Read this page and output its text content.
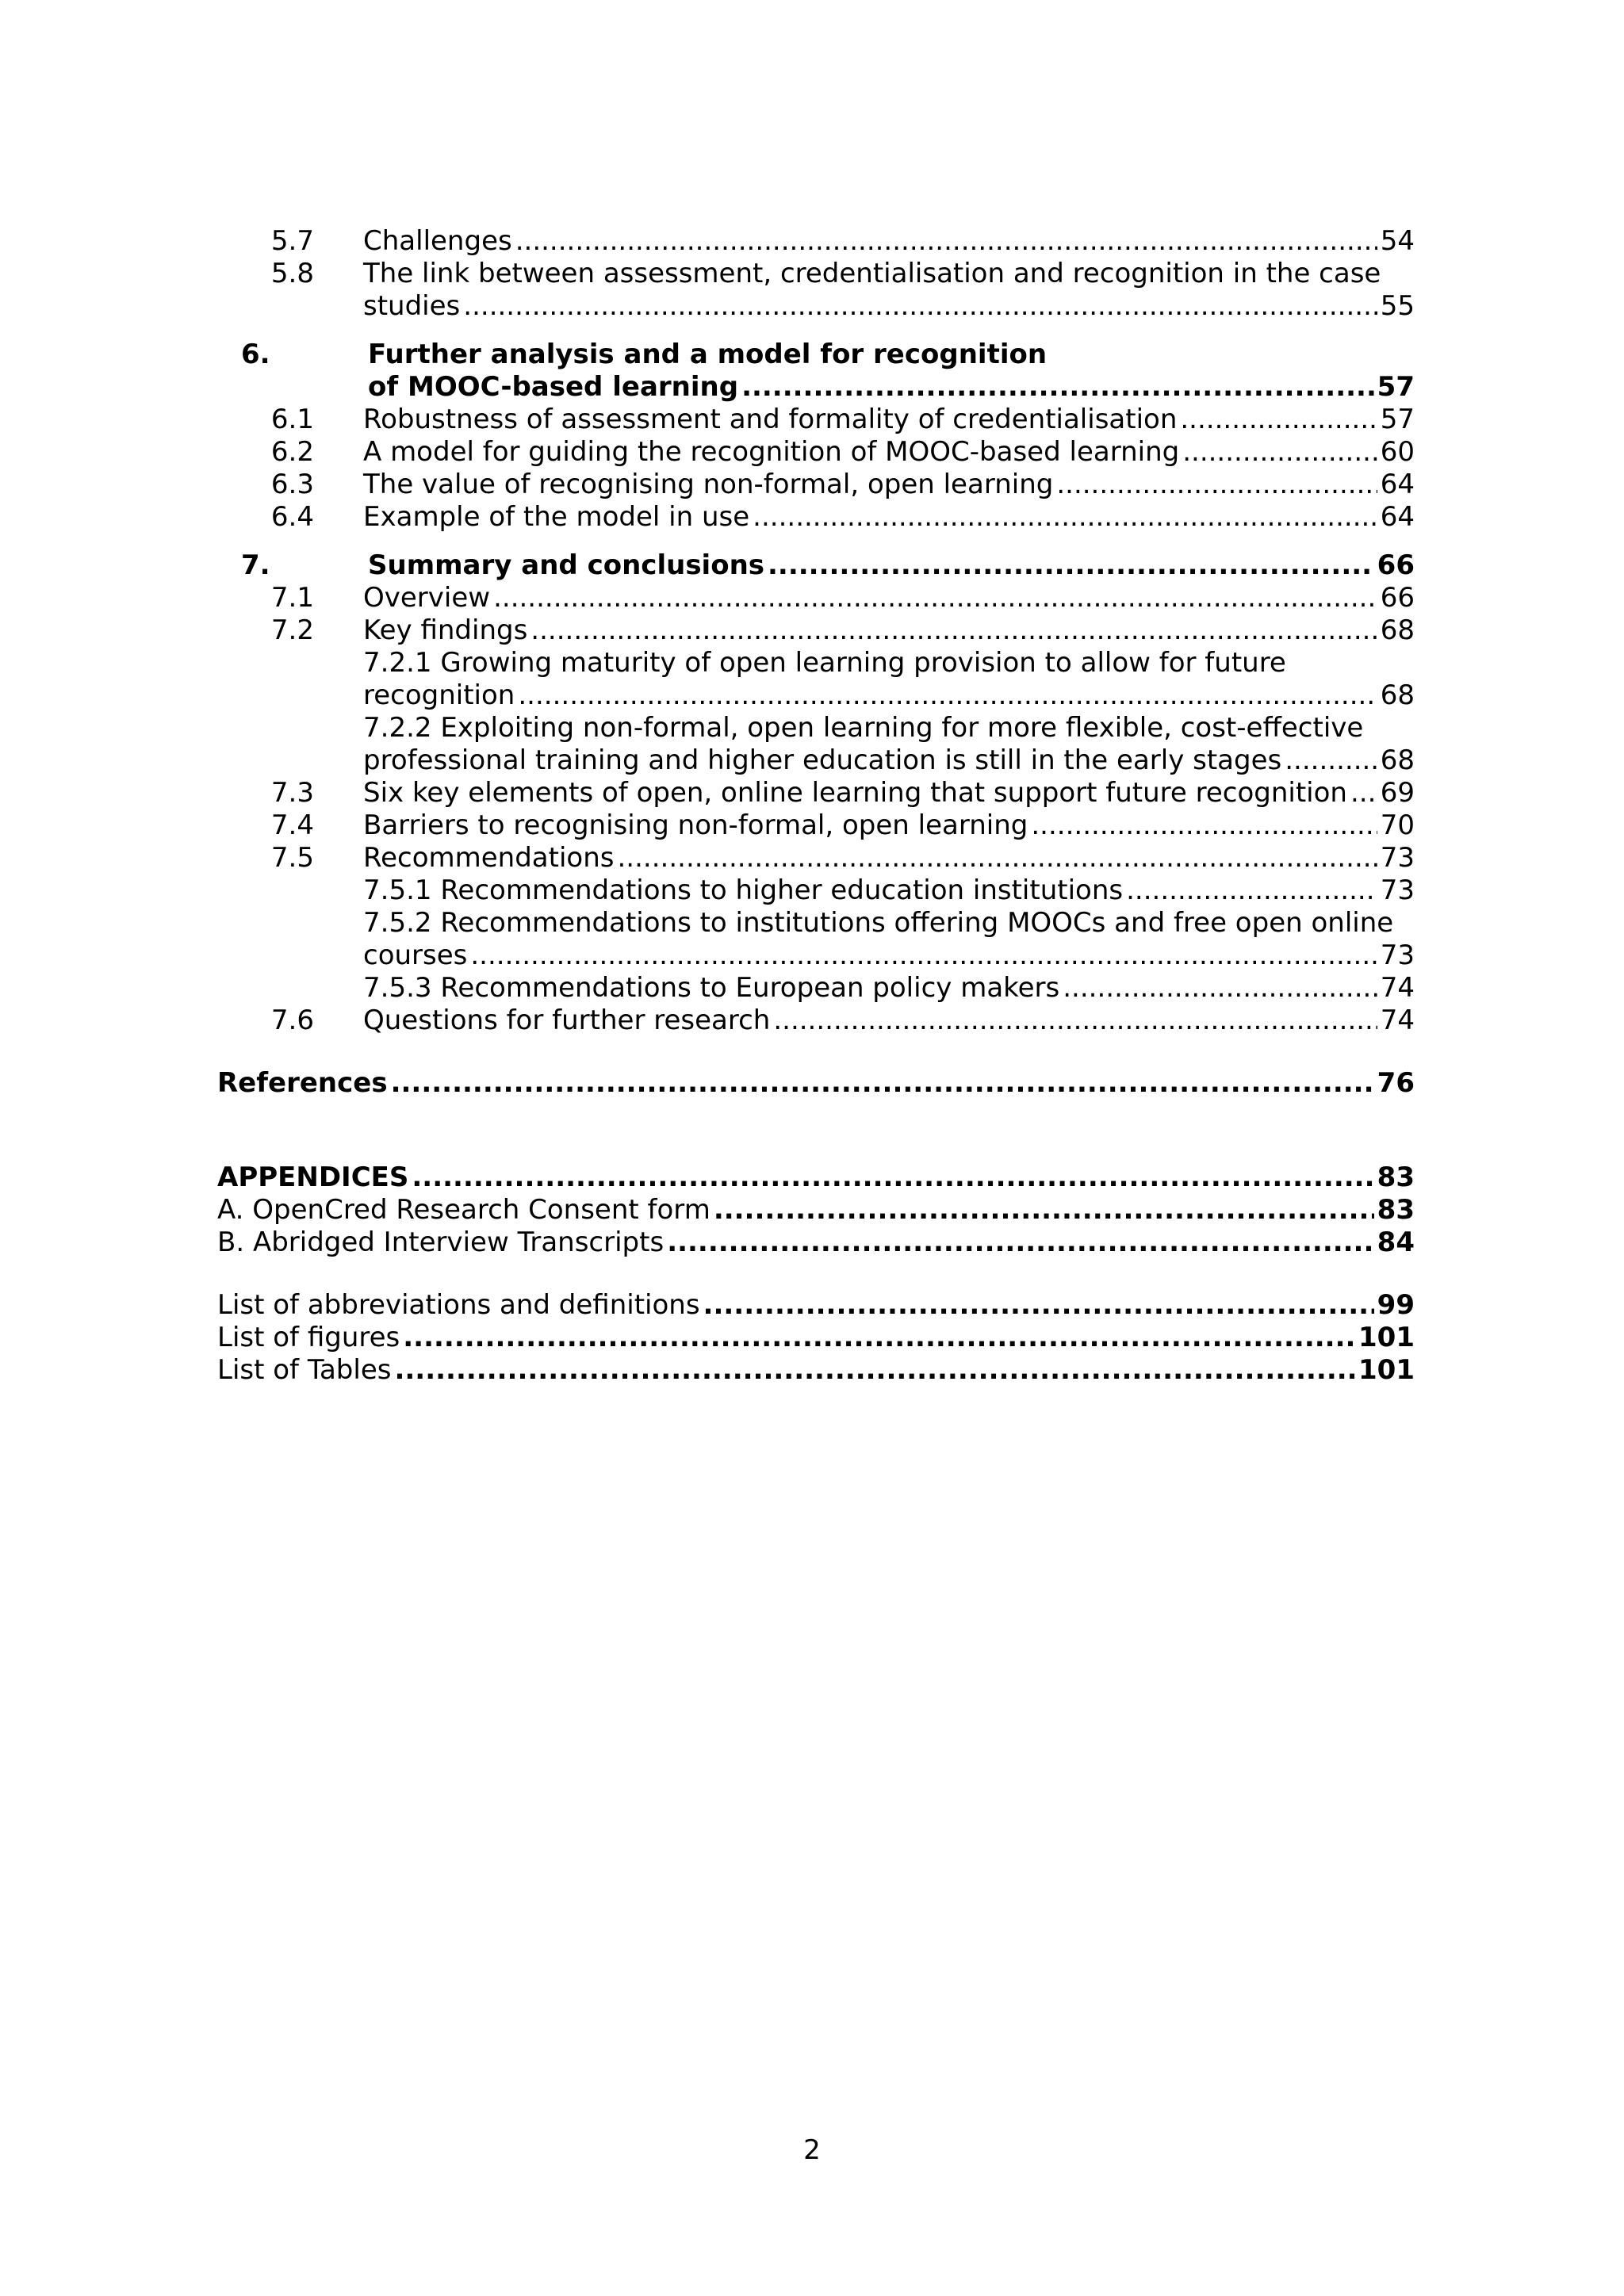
5.7 Challenges .....	54
5.8 The link between assessment, credentialisation and recognition in the case
studies .....	55
6.	Further analysis and a model for recognition
of MOOC-based learning .....	57
6.1 Robustness of assessment and formality of credentialisation .....	57
6.2 A model for guiding the recognition of MOOC-based learning .....	60
6.3 The value of recognising non-formal, open learning .....	64
6.4 Example of the model in use .....	64
7.	Summary and conclusions .....	66
7.1 Overview .....	66
7.2 Key findings .....	68
7.2.1 Growing maturity of open learning provision to allow for future
recognition .....	68
7.2.2 Exploiting non-formal, open learning for more flexible, cost-effective
professional training and higher education is still in the early stages .....	68
7.3 Six key elements of open, online learning that support future recognition ..... 69
7.4 Barriers to recognising non-formal, open learning .....	70
7.5 Recommendations .....	73
7.5.1 Recommendations to higher education institutions .....	73
7.5.2 Recommendations to institutions offering MOOCs and free open online
courses .....	73
7.5.3 Recommendations to European policy makers .....	74
7.6 Questions for further research .....	74
References .....	76
APPENDICES .....	83
A. OpenCred Research Consent form .....	83
B. Abridged Interview Transcripts .....	84
List of abbreviations and definitions .....	99
List of figures .....	101
List of Tables .....	101
2
